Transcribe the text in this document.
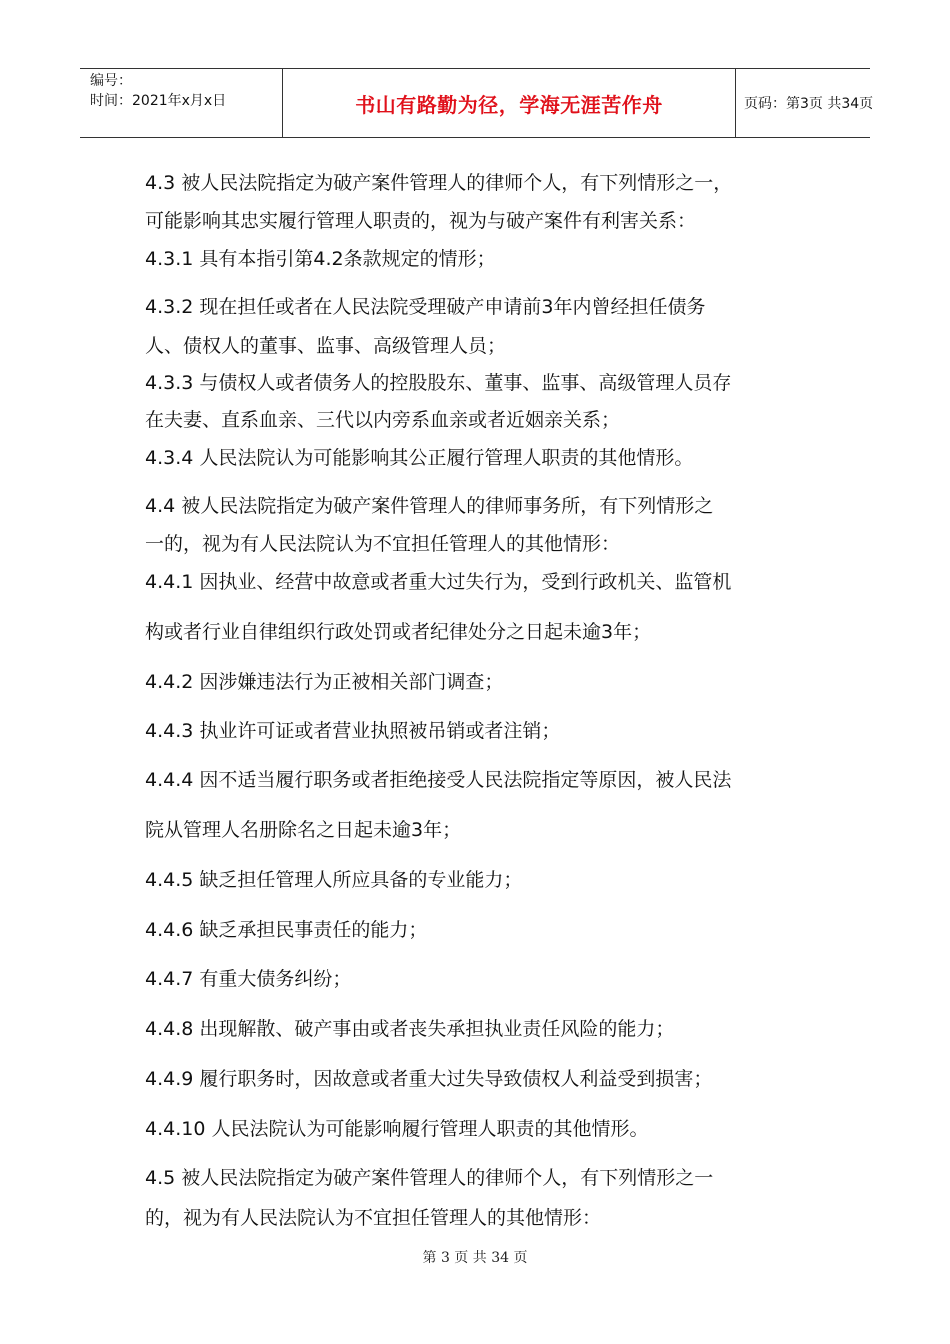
编号：
时间：2021年x月x日	书山有路勤为径，学海无涯苦作舟	页码：第3页 共34页
4.3 被人民法院指定为破产案件管理人的律师个人，有下列情形之一，
可能影响其忠实履行管理人职责的，视为与破产案件有利害关系：
4.3.1 具有本指引第4.2条款规定的情形；
4.3.2 现在担任或者在人民法院受理破产申请前3年内曾经担任债务
人、债权人的董事、监事、高级管理人员；
4.3.3 与债权人或者债务人的控股股东、董事、监事、高级管理人员存
在夫妻、直系血亲、三代以内旁系血亲或者近姻亲关系；
4.3.4 人民法院认为可能影响其公正履行管理人职责的其他情形。
4.4 被人民法院指定为破产案件管理人的律师事务所，有下列情形之
一的，视为有人民法院认为不宜担任管理人的其他情形：
4.4.1 因执业、经营中故意或者重大过失行为，受到行政机关、监管机
构或者行业自律组织行政处罚或者纪律处分之日起未逾3年；
4.4.2 因涉嫌违法行为正被相关部门调查；
4.4.3 执业许可证或者营业执照被吊销或者注销；
4.4.4 因不适当履行职务或者拒绝接受人民法院指定等原因，被人民法
院从管理人名册除名之日起未逾3年；
4.4.5 缺乏担任管理人所应具备的专业能力；
4.4.6 缺乏承担民事责任的能力；
4.4.7 有重大债务纠纷；
4.4.8 出现解散、破产事由或者丧失承担执业责任风险的能力；
4.4.9 履行职务时，因故意或者重大过失导致债权人利益受到损害；
4.4.10 人民法院认为可能影响履行管理人职责的其他情形。
4.5 被人民法院指定为破产案件管理人的律师个人，有下列情形之一
的，视为有人民法院认为不宜担任管理人的其他情形：
第 3 页 共 34 页
